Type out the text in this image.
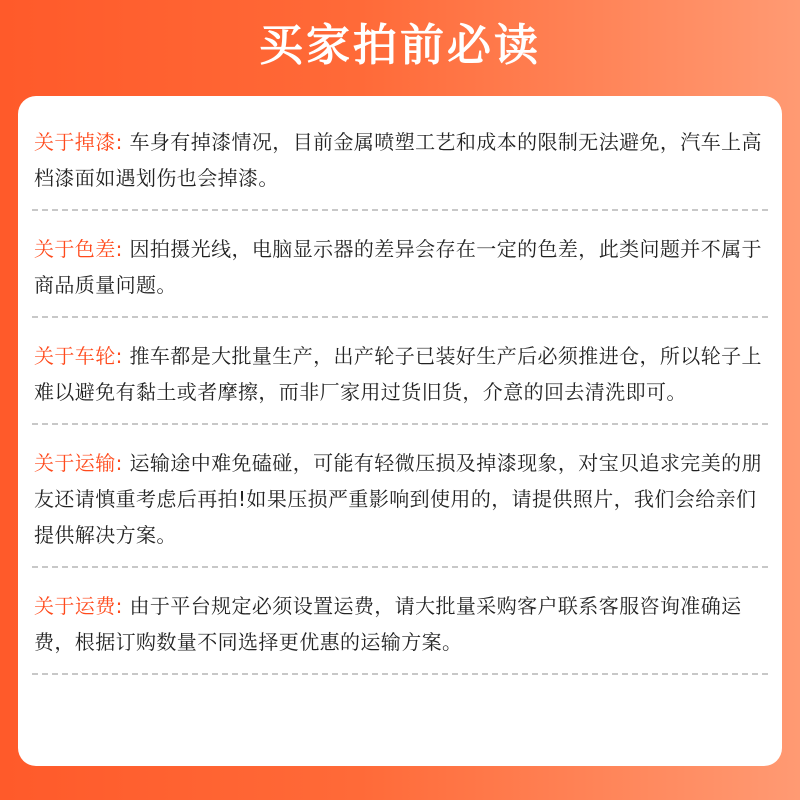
买家拍前必读

关于掉漆: 车身有掉漆情况，目前金属喷塑工艺和成本的限制无法避免，汽车上高档漆面如遇划伤也会掉漆。

关于色差: 因拍摄光线，电脑显示器的差异会存在一定的色差，此类问题并不属于商品质量问题。

关于车轮: 推车都是大批量生产，出产轮子已装好生产后必须推进仓，所以轮子上难以避免有黏土或者摩擦，而非厂家用过货旧货，介意的回去清洗即可。

关于运输: 运输途中难免磕碰，可能有轻微压损及掉漆现象，对宝贝追求完美的朋友还请慎重考虑后再拍!如果压损严重影响到使用的，请提供照片，我们会给亲们提供解决方案。

关于运费: 由于平台规定必须设置运费，请大批量采购客户联系客服咨询准确运费，根据订购数量不同选择更优惠的运输方案。
